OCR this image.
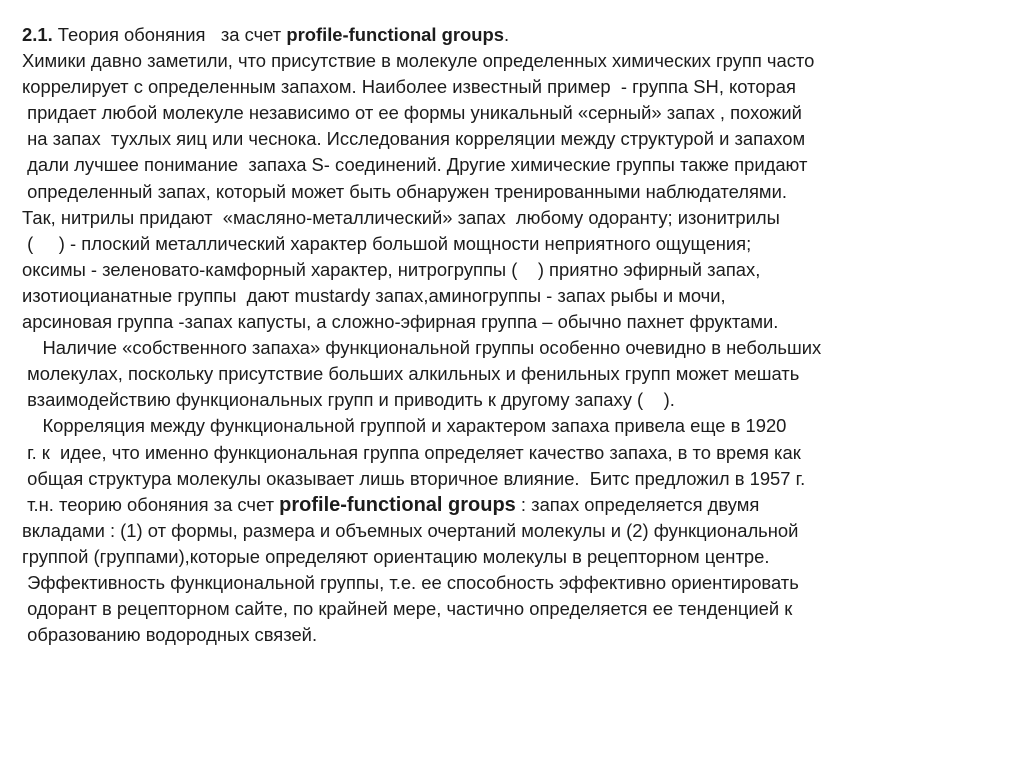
2.1. Теория обоняния   за счет profile-functional groups.
Химики давно заметили, что присутствие в молекуле определенных химических групп часто
коррелирует с определенным запахом. Наиболее известный пример  - группа SH, которая
придает любой молекуле независимо от ее формы уникальный «серный» запах , похожий
на запах  тухлых яиц или чеснока. Исследования корреляции между структурой и запахом
дали лучшее понимание  запаха S- соединений. Другие химические группы также придают
определенный запах, который может быть обнаружен тренированными наблюдателями.
Так, нитрилы придают  «масляно-металлический» запах  любому одоранту; изонитрилы
(     ) - плоский металлический характер большой мощности неприятного ощущения;
оксимы - зеленовато-камфорный характер, нитрогруппы (    ) приятно эфирный запах,
изотиоцианатные группы  дают mustardy запах,аминогруппы - запах рыбы и мочи,
арсиновая группа -запах капусты, а сложно-эфирная группа – обычно пахнет фруктами.
Наличие «собственного запаха» функциональной группы особенно очевидно в небольших
молекулах, поскольку присутствие больших алкильных и фенильных групп может мешать
взаимодействию функциональных групп и приводить к другому запаху (    ).
Корреляция между функциональной группой и характером запаха привела еще в 1920
г. к  идее, что именно функциональная группа определяет качество запаха, в то время как
общая структура молекулы оказывает лишь вторичное влияние.  Битс предложил в 1957 г.
т.н. теорию обоняния за счет profile-functional groups : запах определяется двумя
вкладами : (1) от формы, размера и объемных очертаний молекулы и (2) функциональной
группой (группами),которые определяют ориентацию молекулы в рецепторном центре.
Эффективность функциональной группы, т.е. ее способность эффективно ориентировать
одорант в рецепторном сайте, по крайней мере, частично определяется ее тенденцией к
образованию водородных связей.
